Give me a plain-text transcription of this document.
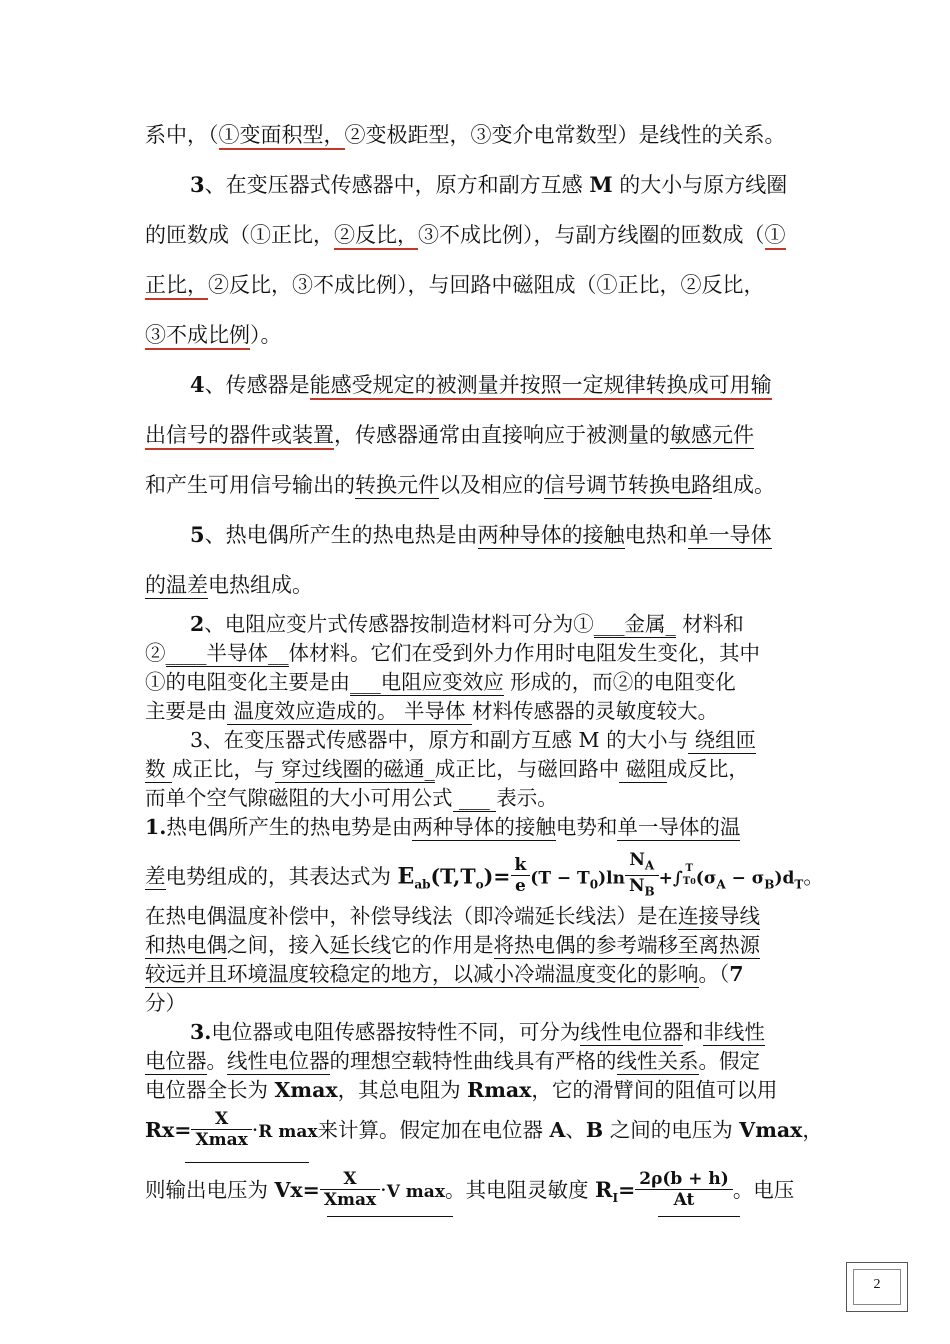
系中，（①变面积型，②变极距型，③变介电常数型）是线性的关系。
3、在变压器式传感器中，原方和副方互感 M 的大小与原方线圈
的匝数成（①正比，②反比，③不成比例），与副方线圈的匝数成（①
正比，②反比，③不成比例），与回路中磁阻成（①正比，②反比，
③不成比例）。
4、传感器是能感受规定的被测量并按照一定规律转换成可用输
出信号的器件或装置，传感器通常由直接响应于被测量的敏感元件
和产生可用信号输出的转换元件以及相应的信号调节转换电路组成。
5、热电偶所产生的热电热是由两种导体的接触电热和单一导体
的温差电热组成。
2、电阻应变片式传感器按制造材料可分为①___金属_ 材料和
②____半导体__体材料。它们在受到外力作用时电阻发生变化，其中
①的电阻变化主要是由___电阻应变效应 形成的，而②的电阻变化
主要是由 温度效应造成的。 半导体 材料传感器的灵敏度较大。
3、在变压器式传感器中，原方和副方互感 M 的大小与 绕组匝
数 成正比，与 穿过线圈的磁通_成正比，与磁回路中 磁阻成反比，
而单个空气隙磁阻的大小可用公式 ___ 表示。
1.热电偶所产生的热电势是由两种导体的接触电势和单一导体的温
差电势组成的，其表达式为 $E_{ab}(T,T_o)= \frac{k}{e} (T - T_0)\ln \frac{N_A}{N_B}$ +∫ T
T0 $(\sigma_A - \sigma_B)d_T$。
在热电偶温度补偿中，补偿导线法（即冷端延长线法）是在连接导线
和热电偶之间，接入延长线它的作用是将热电偶的参考端移至离热源
较远并且环境温度较稳定的地方，以减小冷端温度变化的影响。（7
分）
3.电位器或电阻传感器按特性不同，可分为线性电位器和非线性
电位器。线性电位器的理想空载特性曲线具有严格的线性关系。假定
电位器全长为 Xmax，其总电阻为 Rmax，它的滑臂间的阻值可以用
$Rx= \frac{X}{Xmax} \cdot R$ max来计算。假定加在电位器 A、B 之间的电压为 Vmax，
则输出电压为 $Vx= \frac{X}{Xmax} \cdot V$ max。其电阻灵敏度 $R_I= \frac{2\rho(b + h)}{At}$ 。电压
2
